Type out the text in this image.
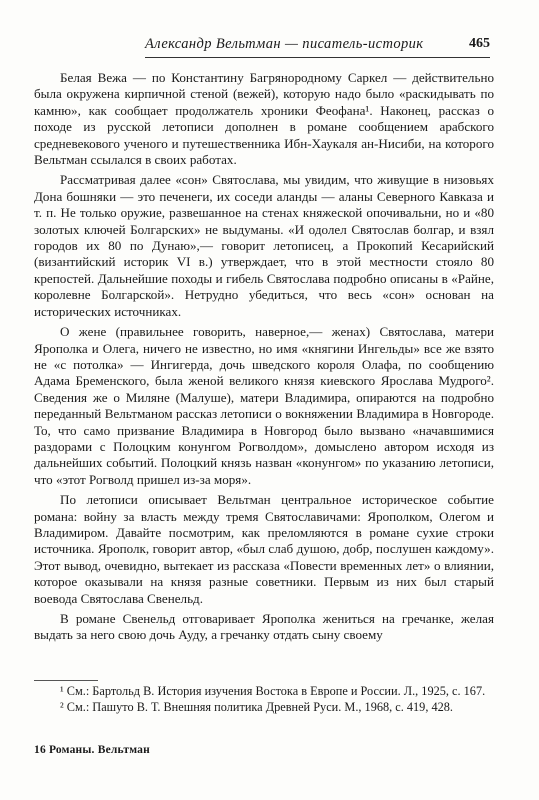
Александр Вельтман — писатель-историк	465

Белая Вежа — по Константину Багрянородному Саркел — действительно была окружена кирпичной стеной (вежей), которую надо было «раскидывать по камню», как сообщает продолжатель хроники Феофана¹. Наконец, рассказ о походе из русской летописи дополнен в романе сообщением арабского средневекового ученого и путешественника Ибн-Хаукаля ан-Нисиби, на которого Вельтман ссылался в своих работах.

Рассматривая далее «сон» Святослава, мы увидим, что живущие в низовьях Дона бошняки — это печенеги, их соседи аланды — аланы Северного Кавказа и т. п. Не только оружие, развешанное на стенах княжеской опочивальни, но и «80 золотых ключей Болгарских» не выдуманы. «И одолел Святослав болгар, и взял городов их 80 по Дунаю»,— говорит летописец, а Прокопий Кесарийский (византийский историк VI в.) утверждает, что в этой местности стояло 80 крепостей. Дальнейшие походы и гибель Святослава подробно описаны в «Райне, королевне Болгарской». Нетрудно убедиться, что весь «сон» основан на исторических источниках.

О жене (правильнее говорить, наверное,— женах) Святослава, матери Ярополка и Олега, ничего не известно, но имя «княгини Ингельды» все же взято не «с потолка» — Ингигерда, дочь шведского короля Олафа, по сообщению Адама Бременского, была женой великого князя киевского Ярослава Мудрого². Сведения же о Миляне (Малуше), матери Владимира, опираются на подробно переданный Вельтманом рассказ летописи о вокняжении Владимира в Новгороде. То, что само призвание Владимира в Новгород было вызвано «начавшимися раздорами с Полоцким конунгом Рогволдом», домыслено автором исходя из дальнейших событий. Полоцкий князь назван «конунгом» по указанию летописи, что «этот Рогволд пришел из-за моря».

По летописи описывает Вельтман центральное историческое событие романа: войну за власть между тремя Святославичами: Ярополком, Олегом и Владимиром. Давайте посмотрим, как преломляются в романе сухие строки источника. Ярополк, говорит автор, «был слаб душою, добр, послушен каждому». Этот вывод, очевидно, вытекает из рассказа «Повести временных лет» о влиянии, которое оказывали на князя разные советники. Первым из них был старый воевода Святослава Свенельд.

В романе Свенельд отговаривает Ярополка жениться на гречанке, желая выдать за него свою дочь Ауду, а гречанку отдать сыну своему

¹ См.: Бартольд В. История изучения Востока в Европе и России. Л., 1925, с. 167.

² См.: Пашуто В. Т. Внешняя политика Древней Руси. М., 1968, с. 419, 428.

16 Романы. Вельтман
